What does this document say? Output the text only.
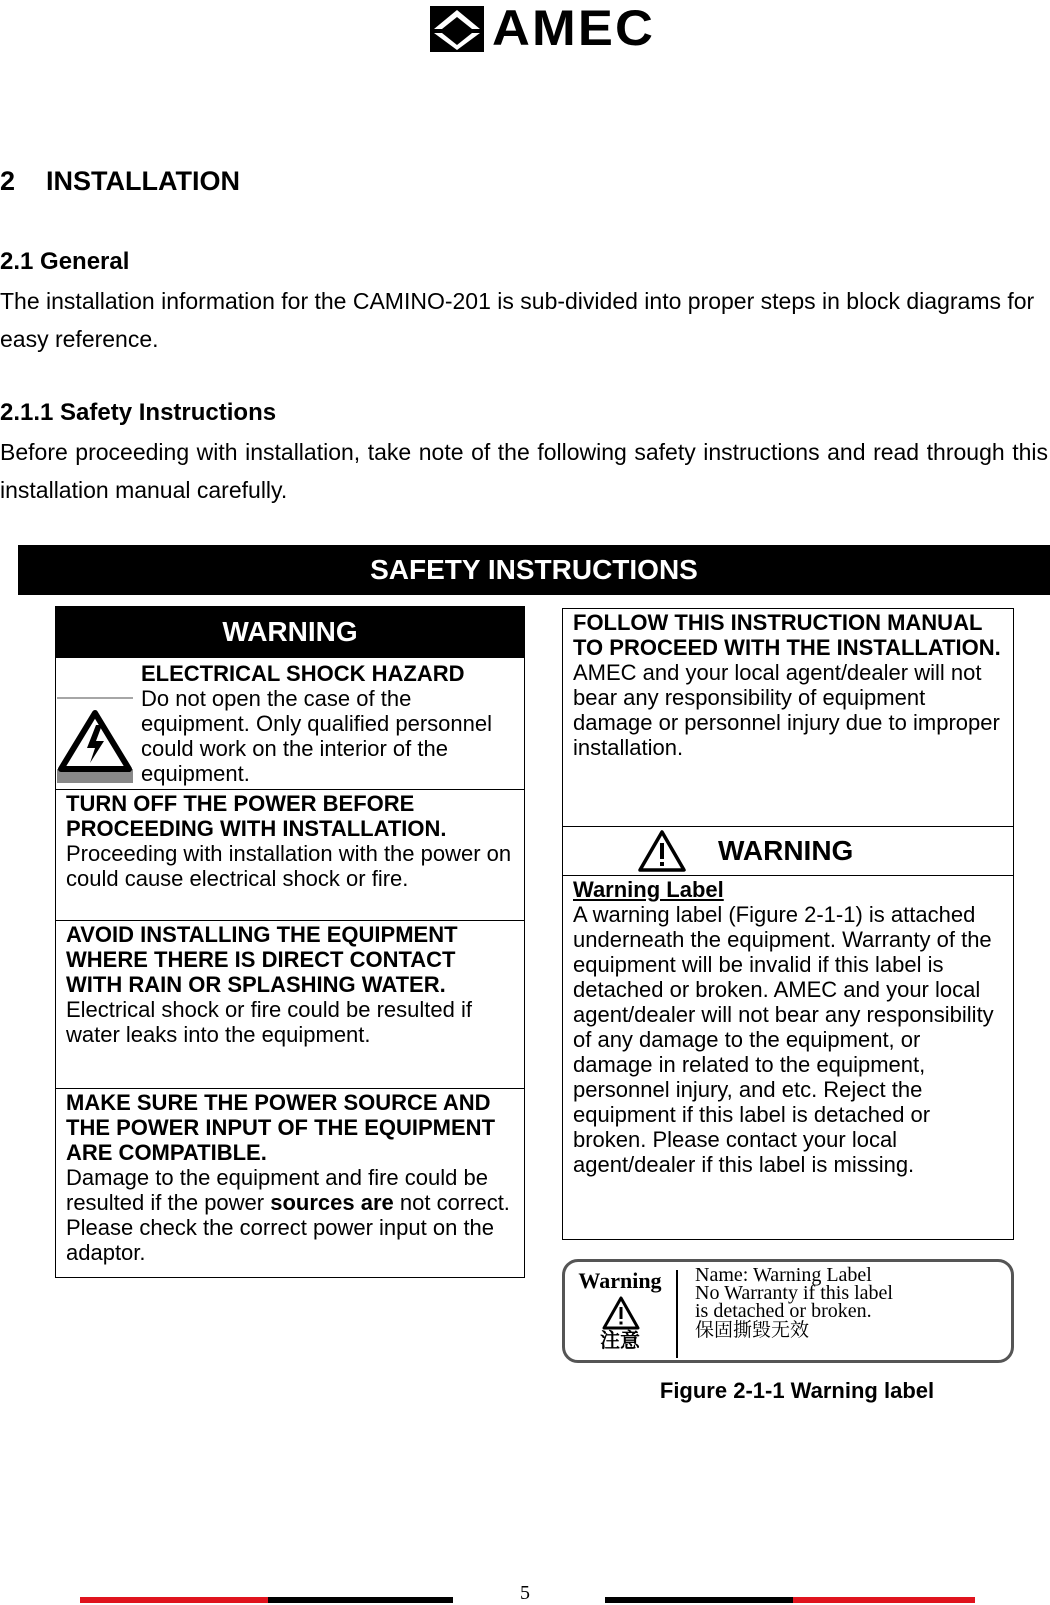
AMEC
2 INSTALLATION
2.1 General

The installation information for the CAMINO-201 is sub-divided into proper steps in block diagrams for easy reference.

2.1.1 Safety Instructions

Before proceeding with installation, take note of the following safety instructions and read through this installation manual carefully.

SAFETY INSTRUCTIONS
WARNING
ELECTRICAL SHOCK HAZARD
Do not open the case of the equipment. Only qualified personnel could work on the interior of the equipment.
TURN OFF THE POWER BEFORE PROCEEDING WITH INSTALLATION.
Proceeding with installation with the power on could cause electrical shock or fire.
AVOID INSTALLING THE EQUIPMENT WHERE THERE IS DIRECT CONTACT WITH RAIN OR SPLASHING WATER.
Electrical shock or fire could be resulted if water leaks into the equipment.
MAKE SURE THE POWER SOURCE AND THE POWER INPUT OF THE EQUIPMENT ARE COMPATIBLE.
Damage to the equipment and fire could be resulted if the power sources are not correct. Please check the correct power input on the adaptor.
FOLLOW THIS INSTRUCTION MANUAL TO PROCEED WITH THE INSTALLATION.
AMEC and your local agent/dealer will not bear any responsibility of equipment damage or personnel injury due to improper installation.
WARNING
Warning Label
A warning label (Figure 2-1-1) is attached underneath the equipment. Warranty of the equipment will be invalid if this label is detached or broken. AMEC and your local agent/dealer will not bear any responsibility of any damage to the equipment, or damage in related to the equipment, personnel injury, and etc. Reject the equipment if this label is detached or broken. Please contact your local agent/dealer if this label is missing.
Warning
注意
Name: Warning Label
No Warranty if this label
is detached or broken.
保固撕毀无效
Figure 2-1-1 Warning label
5
